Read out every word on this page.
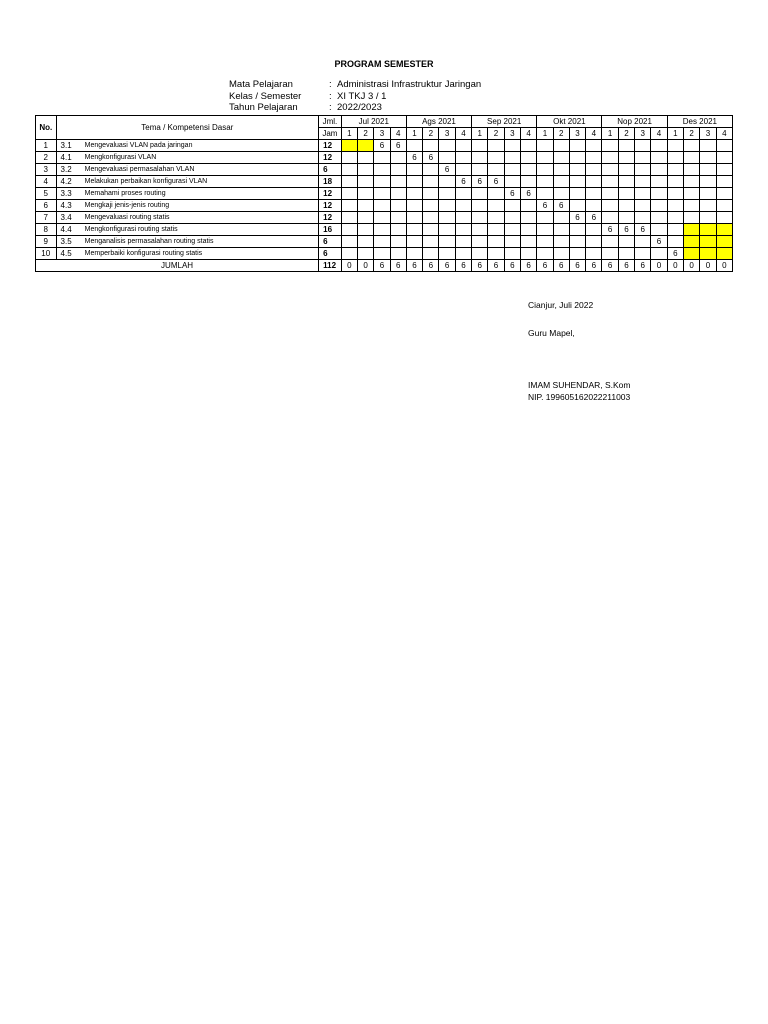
PROGRAM SEMESTER
Mata Pelajaran	: Administrasi Infrastruktur Jaringan
Kelas / Semester	: XI TKJ 3 / 1
Tahun Pelajaran	: 2022/2023
No.	Tema / Kompetensi Dasar		Jml.	Jul 2021				Ags 2021				Sep 2021				Okt 2021				Nop 2021				Des 2021			
			Jam	1	2	3	4	1	2	3	4	1	2	3	4	1	2	3	4	1	2	3	4	1	2	3	4
1	3.1	Mengevaluasi VLAN pada jaringan	12			6	6																				
2	4.1	Mengkonfigurasi VLAN	12					6	6																		
3	3.2	Mengevaluasi permasalahan VLAN	6							6																	
4	4.2	Melakukan perbaikan konfigurasi VLAN	18								6	6	6														
5	3.3	Memahami proses routing	12											6	6												
6	4.3	Mengkaji jenis-jenis routing	12													6	6										
7	3.4	Mengevaluasi routing statis	12															6	6								
8	4.4	Mengkonfigurasi routing statis	16																	6	6	6					
9	3.5	Menganalisis permasalahan routing statis	6																				6				
10	4.5	Memperbaiki konfigurasi routing statis	6																					6			
JUMLAH			112	0	0	6	6	6	6	6	6	6	6	6	6	6	6	6	6	6	6	6	0	0	0	0	0
Cianjur, Juli 2022
Guru Mapel,
IMAM SUHENDAR, S.Kom
NIP. 199605162022211003
